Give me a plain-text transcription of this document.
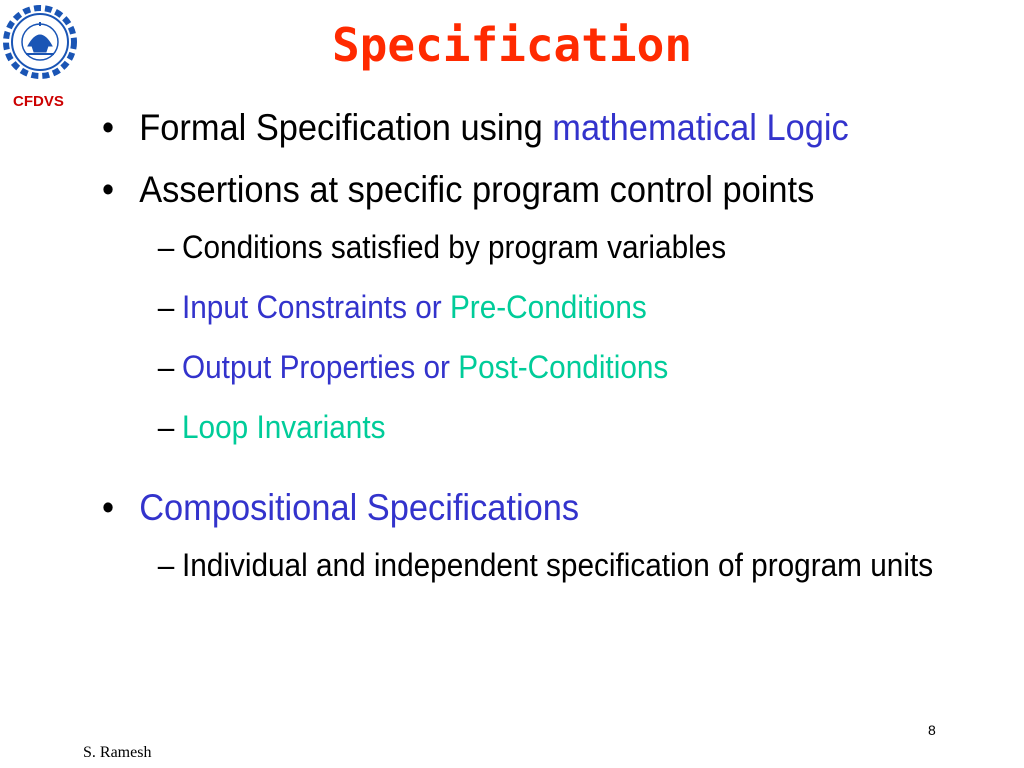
CFDVS
Specification
• Formal Specification using mathematical Logic
• Assertions at specific program control points
– Conditions satisfied by program variables
– Input Constraints or Pre-Conditions
– Output Properties or Post-Conditions
– Loop Invariants
• Compositional Specifications
– Individual and independent specification of program units
S. Ramesh
8
